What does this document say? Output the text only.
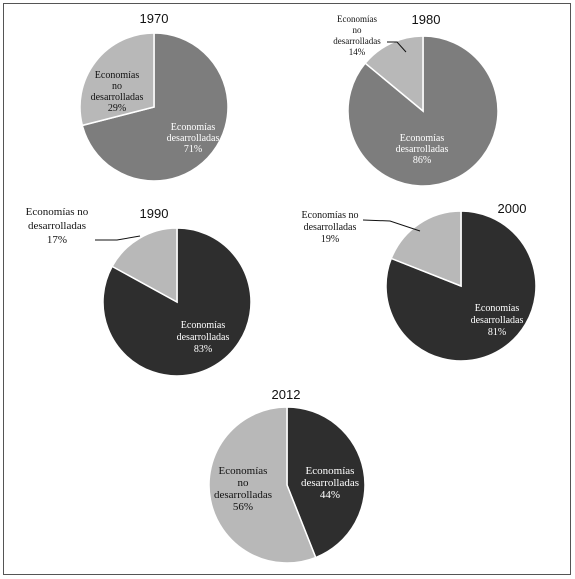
1970
Economías desarrolladas 71%
Economías no desarrolladas 29%
1980
Economías desarrolladas 86%
Economías no desarrolladas 14%
1990
Economías desarrolladas 83%
Economías no desarrolladas 17%
2000
Economías desarrolladas 81%
Economías no desarrolladas 19%
2012
Economías desarrolladas 44%
Economías no desarrolladas 56%
